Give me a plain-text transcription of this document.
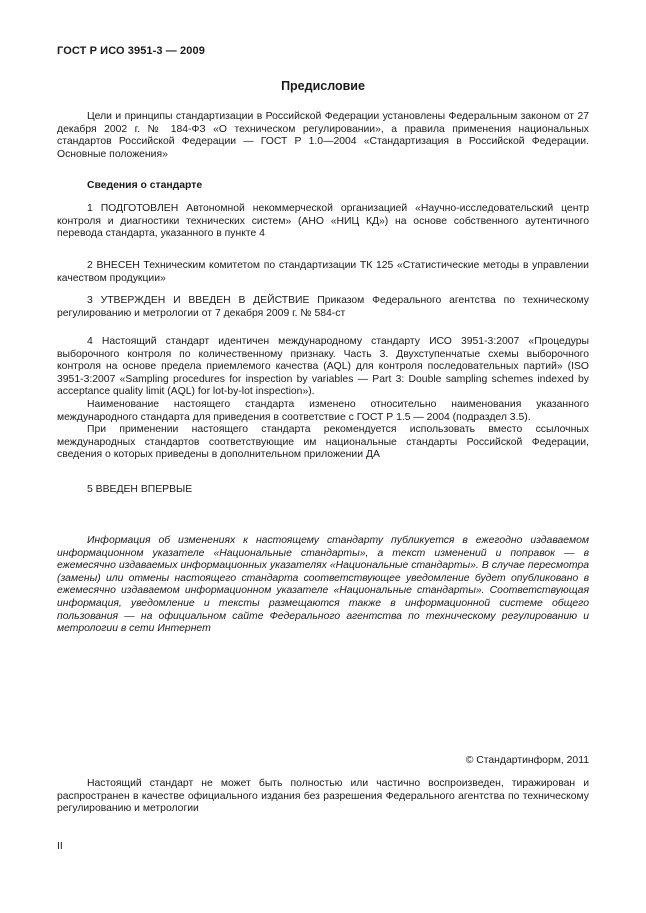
ГОСТ Р ИСО 3951-3 — 2009
Предисловие

Цели и принципы стандартизации в Российской Федерации установлены Федеральным законом от 27 декабря 2002 г. № 184-ФЗ «О техническом регулировании», а правила применения национальных стандартов Российской Федерации — ГОСТ Р 1.0—2004 «Стандартизация в Российской Федерации. Основные положения»

Сведения о стандарте

1 ПОДГОТОВЛЕН Автономной некоммерческой организацией «Научно-исследовательский центр контроля и диагностики технических систем» (АНО «НИЦ КД») на основе собственного аутентичного перевода стандарта, указанного в пункте 4

2 ВНЕСЕН Техническим комитетом по стандартизации ТК 125 «Статистические методы в управлении качеством продукции»

3 УТВЕРЖДЕН И ВВЕДЕН В ДЕЙСТВИЕ Приказом Федерального агентства по техническому регулированию и метрологии от 7 декабря 2009 г. № 584-ст

4 Настоящий стандарт идентичен международному стандарту ИСО 3951-3:2007 «Процедуры выборочного контроля по количественному признаку. Часть 3. Двухступенчатые схемы выборочного контроля на основе предела приемлемого качества (AQL) для контроля последовательных партий» (ISO 3951-3:2007 «Sampling procedures for inspection by variables — Part 3: Double sampling schemes indexed by acceptance quality limit (AQL) for lot-by-lot inspection»).

Наименование настоящего стандарта изменено относительно наименования указанного международного стандарта для приведения в соответствие с ГОСТ Р 1.5 — 2004 (подраздел 3.5).

При применении настоящего стандарта рекомендуется использовать вместо ссылочных международных стандартов соответствующие им национальные стандарты Российской Федерации, сведения о которых приведены в дополнительном приложении ДА

5 ВВЕДЕН ВПЕРВЫЕ

Информация об изменениях к настоящему стандарту публикуется в ежегодно издаваемом информационном указателе «Национальные стандарты», а текст изменений и поправок — в ежемесячно издаваемых информационных указателях «Национальные стандарты». В случае пересмотра (замены) или отмены настоящего стандарта соответствующее уведомление будет опубликовано в ежемесячно издаваемом информационном указателе «Национальные стандарты». Соответствующая информация, уведомление и тексты размещаются также в информационной системе общего пользования — на официальном сайте Федерального агентства по техническому регулированию и метрологии в сети Интернет

© Стандартинформ, 2011

Настоящий стандарт не может быть полностью или частично воспроизведен, тиражирован и распространен в качестве официального издания без разрешения Федерального агентства по техническому регулированию и метрологии

II
